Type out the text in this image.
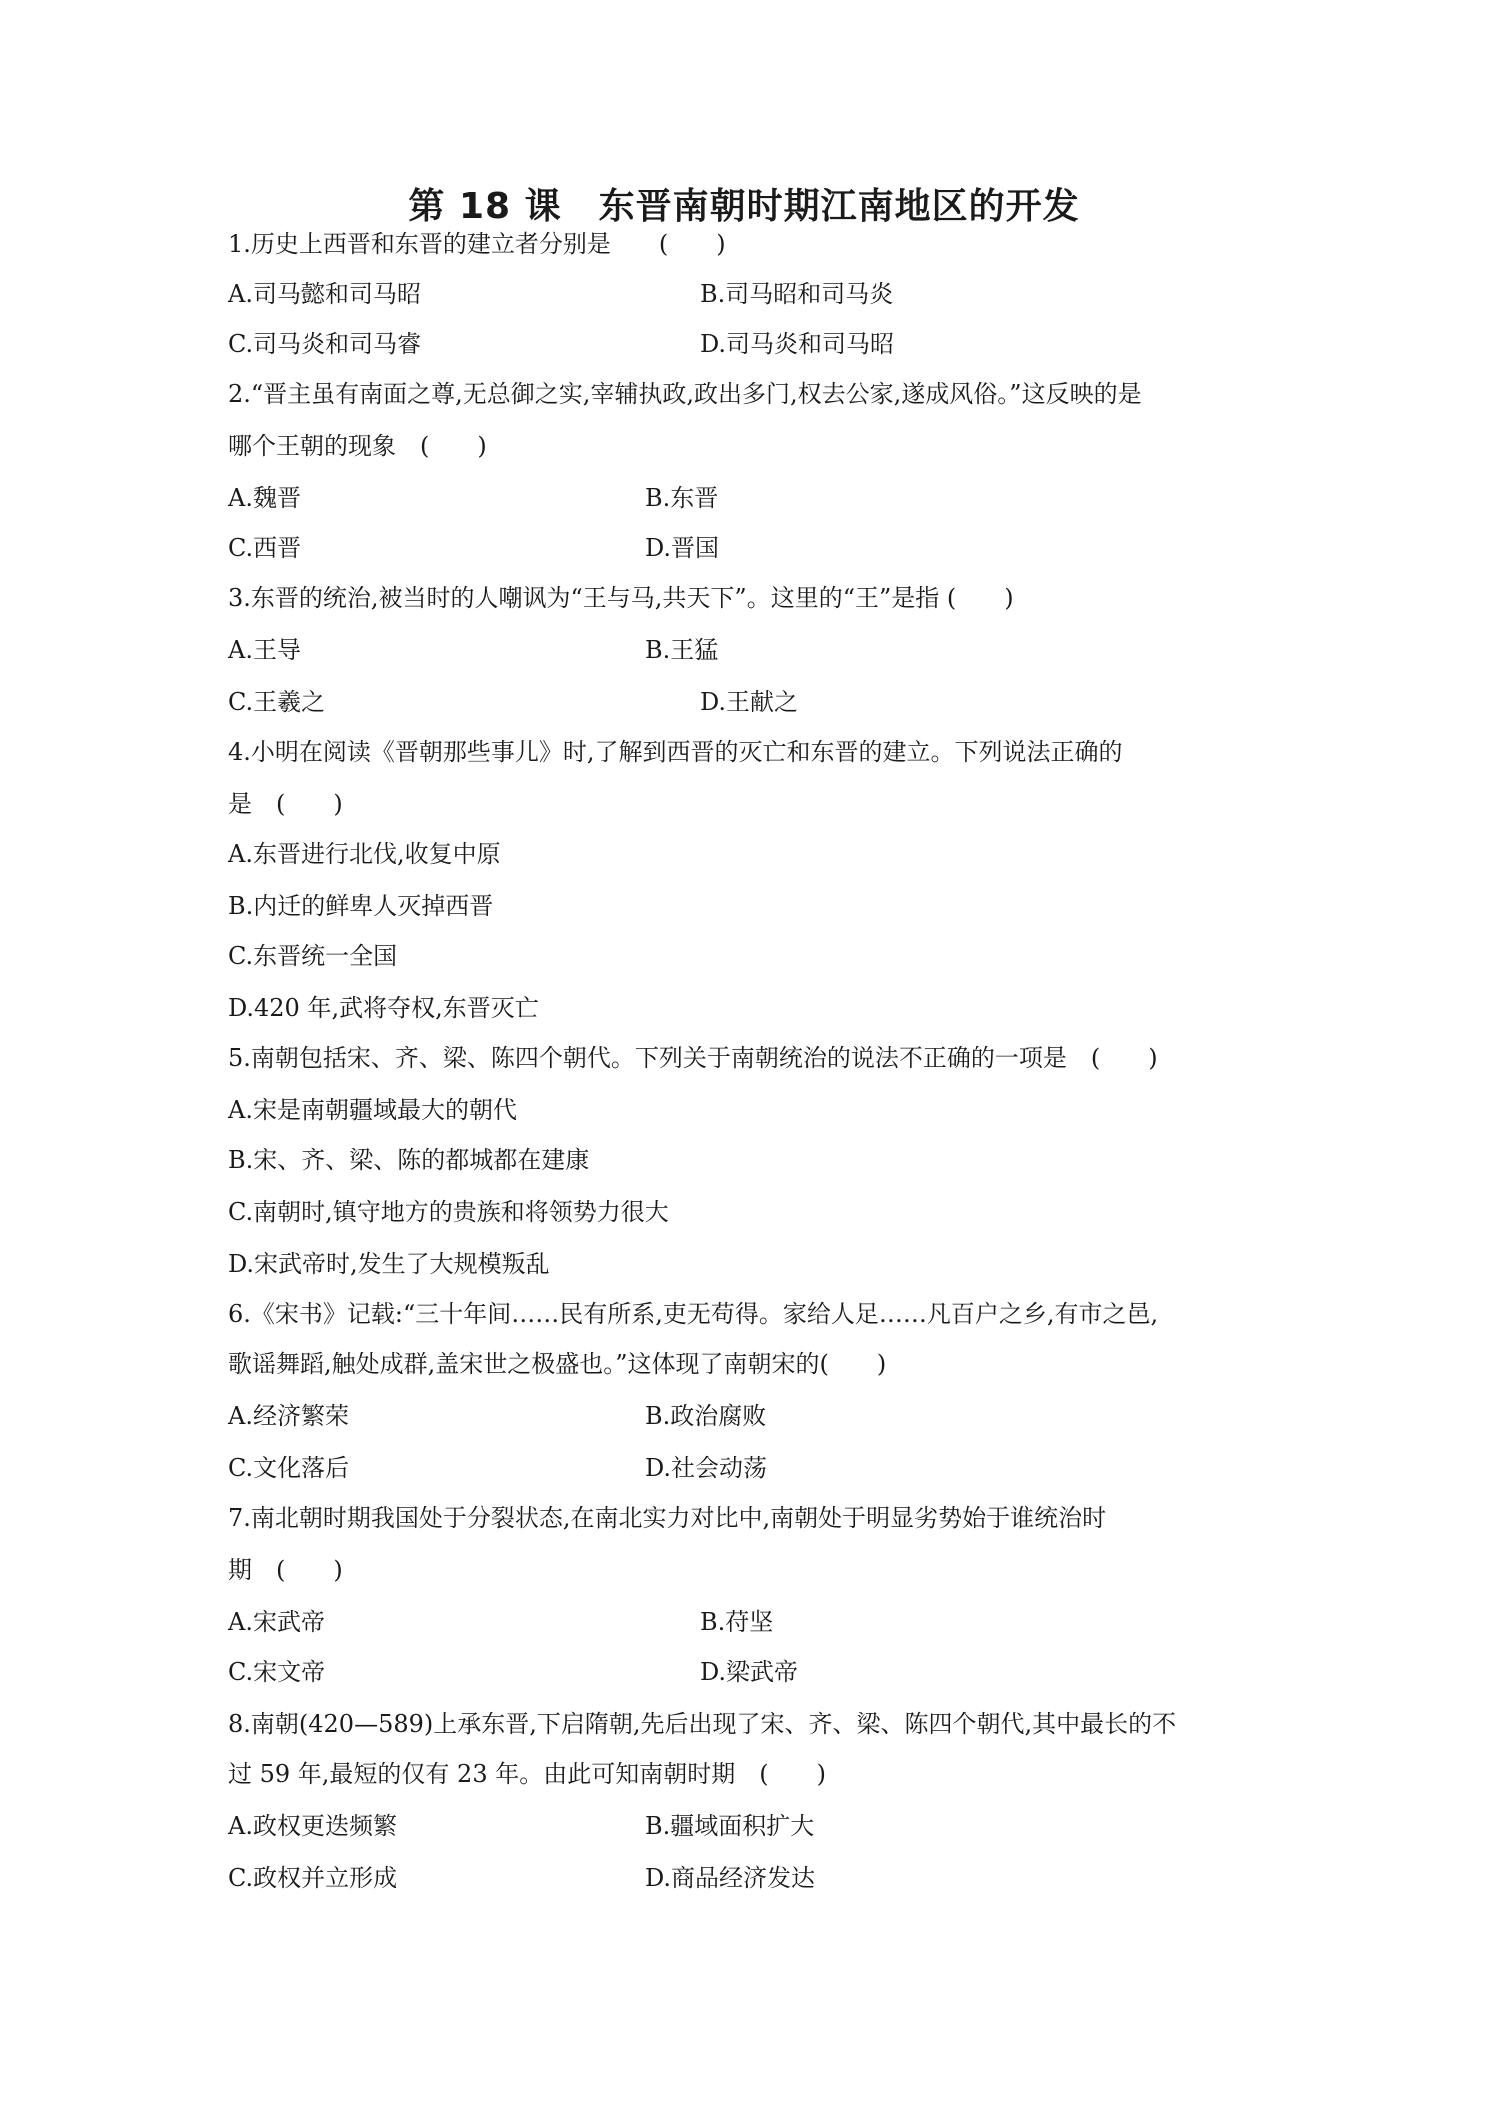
第 18 课　东晋南朝时期江南地区的开发
1.历史上西晋和东晋的建立者分别是　　(　　)
A.司马懿和司马昭	B.司马昭和司马炎
C.司马炎和司马睿	D.司马炎和司马昭
2.“晋主虽有南面之尊,无总御之实,宰辅执政,政出多门,权去公家,遂成风俗。”这反映的是
哪个王朝的现象　(　　)
A.魏晋	B.东晋
C.西晋	D.晋国
3.东晋的统治,被当时的人嘲讽为“王与马,共天下”。这里的“王”是指 (　　)
A.王导	B.王猛
C.王羲之	D.王献之
4.小明在阅读《晋朝那些事儿》时,了解到西晋的灭亡和东晋的建立。下列说法正确的
是　(　　)
A.东晋进行北伐,收复中原
B.内迁的鲜卑人灭掉西晋
C.东晋统一全国
D.420 年,武将夺权,东晋灭亡
5.南朝包括宋、齐、梁、陈四个朝代。下列关于南朝统治的说法不正确的一项是　(　　)
A.宋是南朝疆域最大的朝代
B.宋、齐、梁、陈的都城都在建康
C.南朝时,镇守地方的贵族和将领势力很大
D.宋武帝时,发生了大规模叛乱
6.《宋书》记载:“三十年间……民有所系,吏无苟得。家给人足……凡百户之乡,有市之邑,
歌谣舞蹈,触处成群,盖宋世之极盛也。”这体现了南朝宋的(　　)
A.经济繁荣	B.政治腐败
C.文化落后	D.社会动荡
7.南北朝时期我国处于分裂状态,在南北实力对比中,南朝处于明显劣势始于谁统治时
期　(　　)
A.宋武帝	B.苻坚
C.宋文帝	D.梁武帝
8.南朝(420—589)上承东晋,下启隋朝,先后出现了宋、齐、梁、陈四个朝代,其中最长的不
过 59 年,最短的仅有 23 年。由此可知南朝时期　(　　)
A.政权更迭频繁	B.疆域面积扩大
C.政权并立形成	D.商品经济发达
